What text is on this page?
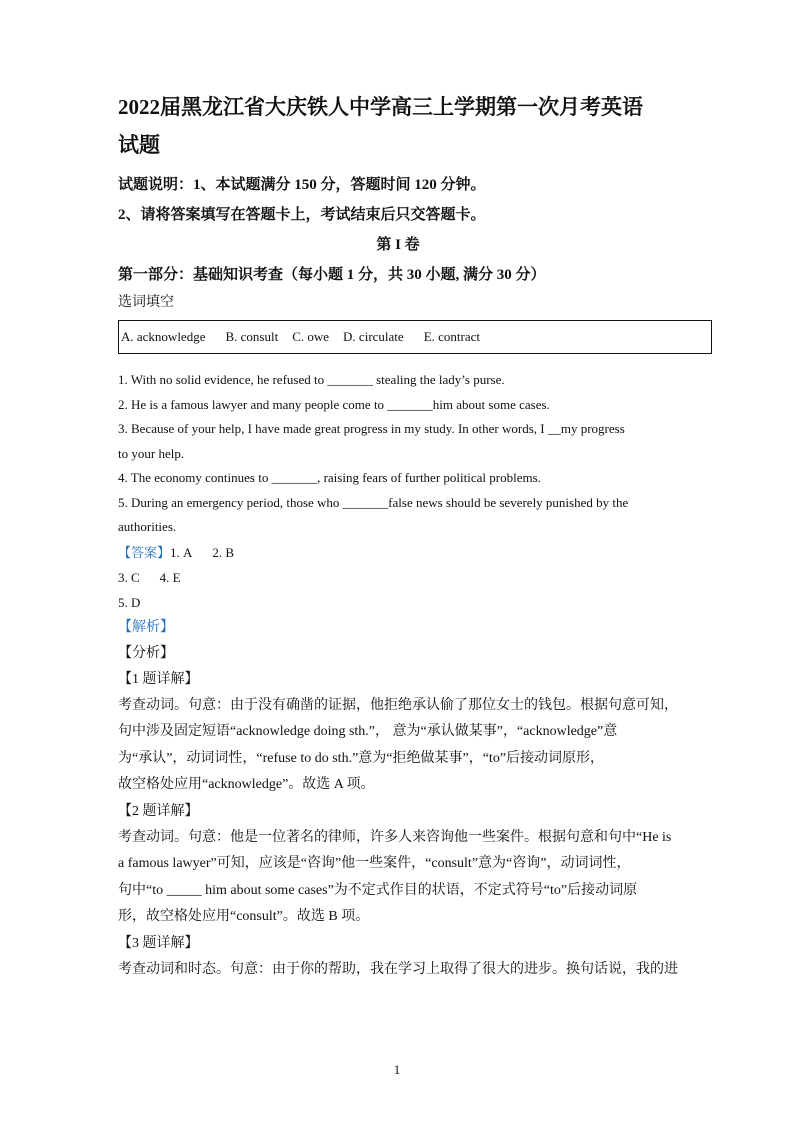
2022届黑龙江省大庆铁人中学高三上学期第一次月考英语

试题

试题说明：1、本试题满分 150 分，答题时间 120 分钟。

2、请将答案填写在答题卡上，考试结束后只交答题卡。

第 I 卷

第一部分：基础知识考查（每小题 1 分，共 30 小题, 满分 30 分）

选词填空

A. acknowledge B. consult C. owe D. circulate E. contract

1. With no solid evidence, he refused to _______ stealing the lady’s purse.

2. He is a famous lawyer and many people come to _______him about some cases.

3. Because of your help, I have made great progress in my study. In other words, I __my progress

to your help.

4. The economy continues to _______, raising fears of further political problems.

5. During an emergency period, those who _______false news should be severely punished by the

authorities.

【答案】1. A 2. B

3. C 4. E

5. D

【解析】

【分析】

【1 题详解】

考查动词。句意：由于没有确凿的证据，他拒绝承认偷了那位女士的钱包。根据句意可知，

句中涉及固定短语“acknowledge doing sth.”， 意为“承认做某事”，“acknowledge”意

为“承认”，动词词性，“refuse to do sth.”意为“拒绝做某事”，“to”后接动词原形，

故空格处应用“acknowledge”。故选 A 项。

【2 题详解】

考查动词。句意：他是一位著名的律师，许多人来咨询他一些案件。根据句意和句中“He is

a famous lawyer”可知，应该是“咨询”他一些案件，“consult”意为“咨询”，动词词性，

句中“to _____ him about some cases”为不定式作目的状语，不定式符号“to”后接动词原

形，故空格处应用“consult”。故选 B 项。

【3 题详解】

考查动词和时态。句意：由于你的帮助，我在学习上取得了很大的进步。换句话说，我的进

1
